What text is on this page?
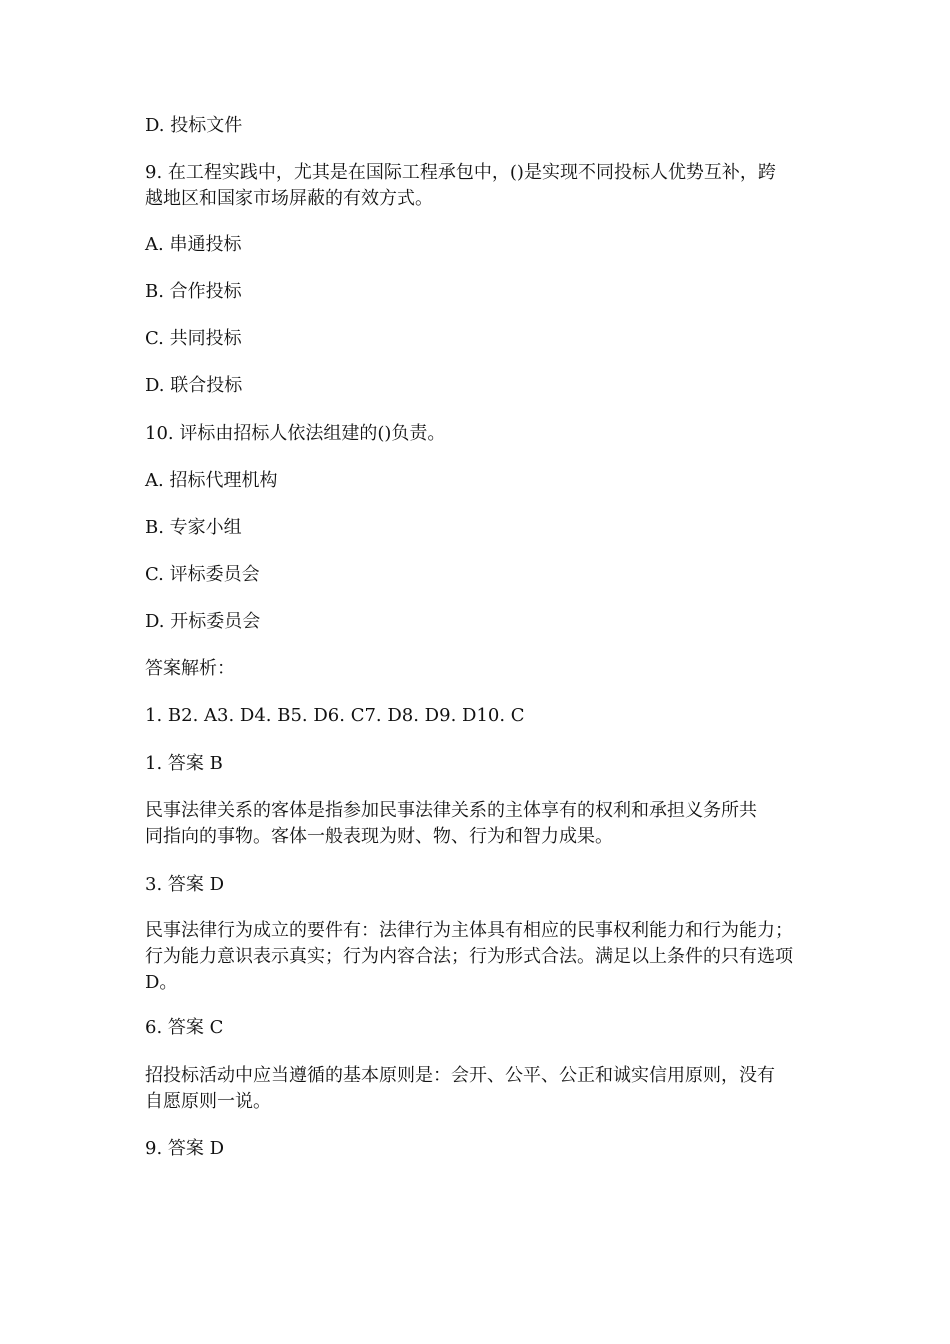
D. 投标文件
9. 在工程实践中，尤其是在国际工程承包中，()是实现不同投标人优势互补，跨
越地区和国家市场屏蔽的有效方式。
A. 串通投标
B. 合作投标
C. 共同投标
D. 联合投标
10. 评标由招标人依法组建的()负责。
A. 招标代理机构
B. 专家小组
C. 评标委员会
D. 开标委员会
答案解析：
1. B2. A3. D4. B5. D6. C7. D8. D9. D10. C
1. 答案 B
民事法律关系的客体是指参加民事法律关系的主体享有的权利和承担义务所共
同指向的事物。客体一般表现为财、物、行为和智力成果。
3. 答案 D
民事法律行为成立的要件有：法律行为主体具有相应的民事权利能力和行为能力；
行为能力意识表示真实；行为内容合法；行为形式合法。满足以上条件的只有选项
D。
6. 答案 C
招投标活动中应当遵循的基本原则是：会开、公平、公正和诚实信用原则，没有
自愿原则一说。
9. 答案 D
